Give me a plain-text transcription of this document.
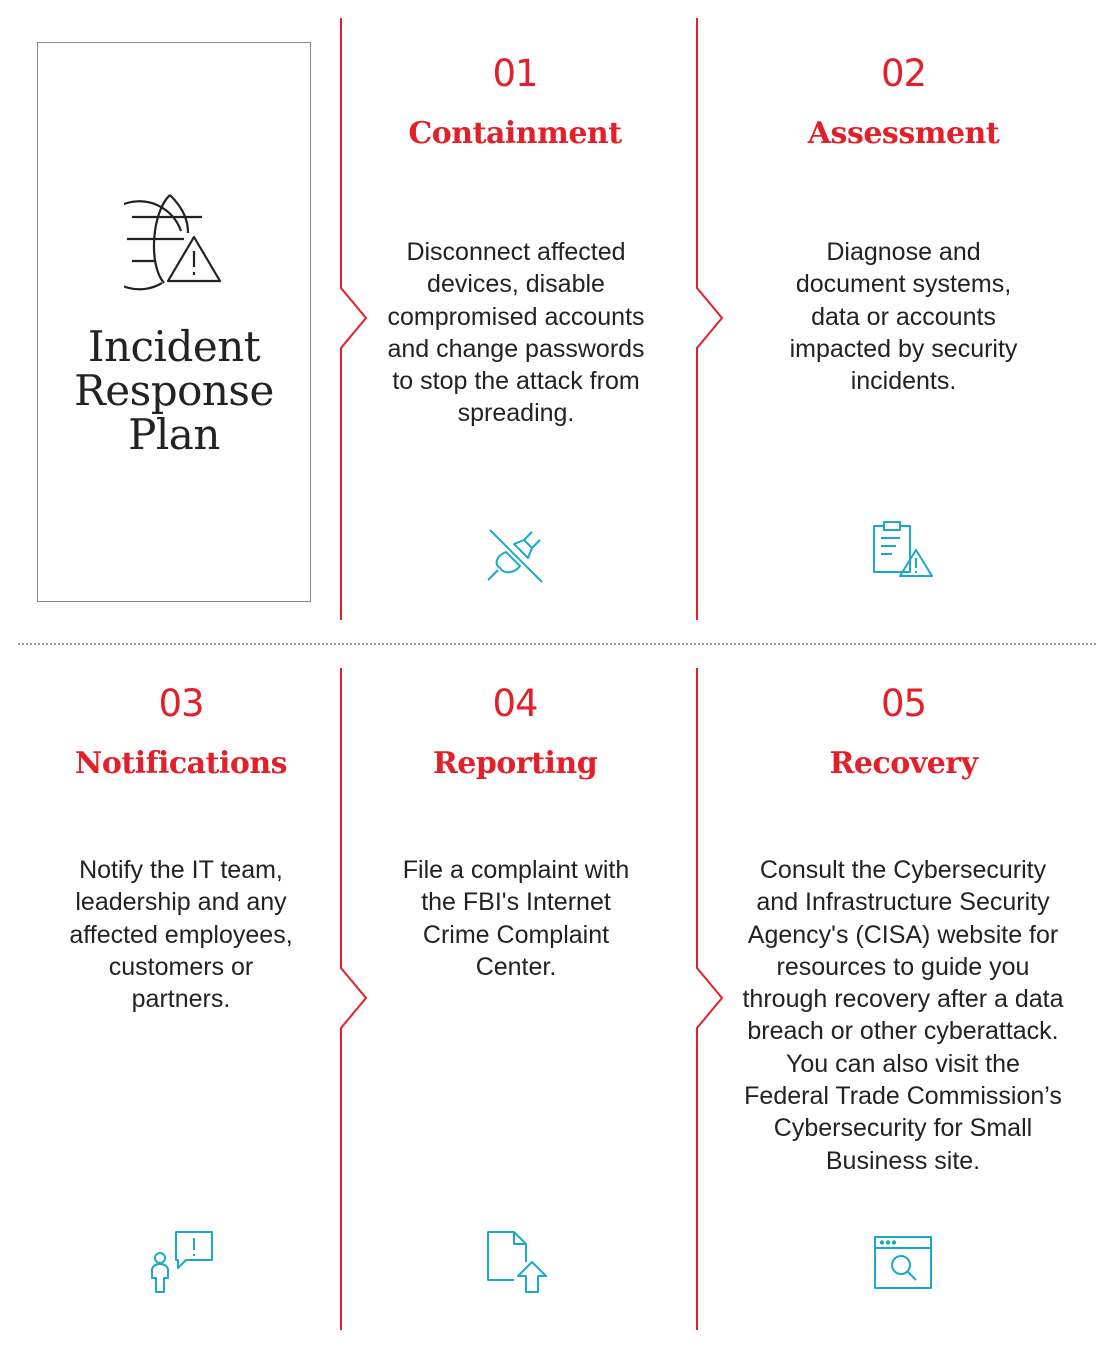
Incident
Response
Plan
01
Containment
Disconnect affected devices, disable compromised accounts and change passwords to stop the attack from spreading.
02
Assessment
Diagnose and document systems, data or accounts impacted by security incidents.
03
Notifications
Notify the IT team, leadership and any affected employees, customers or partners.
04
Reporting
File a complaint with the FBI's Internet Crime Complaint Center.
05
Recovery
Consult the Cybersecurity and Infrastructure Security Agency's (CISA) website for resources to guide you through recovery after a data breach or other cyberattack. You can also visit the Federal Trade Commission’s Cybersecurity for Small Business site.
